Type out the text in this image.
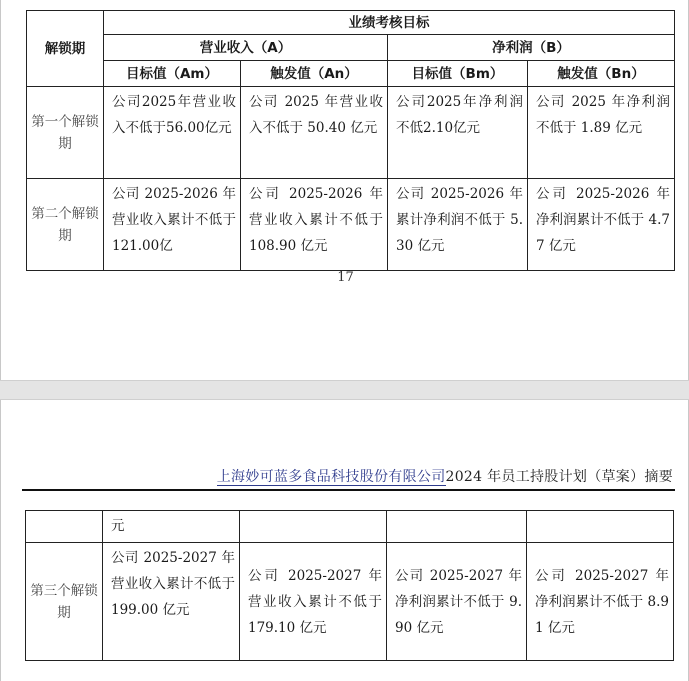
解锁期	业绩考核目标			
	营业收入（A）		净利润（B）	
	目标值（Am）	触发值（An）	目标值（Bm）	触发值（Bn）
第一个解锁期	公司2025年营业收入不低于56.00亿元	公司 2025 年营业收入不低于 50.40 亿元	公司2025年净利润不低2.10亿元	公司 2025 年净利润不低于 1.89 亿元
第二个解锁期	公司 2025-2026 年营业收入累计不低于121.00亿	公司 2025-2026 年营业收入累计不低于 108.90 亿元	公司 2025-2026 年累计净利润不低于 5.30 亿元	公司 2025-2026 年净利润累计不低于 4.77 亿元
17
上海妙可蓝多食品科技股份有限公司2024 年员工持股计划（草案）摘要
	元			
第三个解锁期	公司 2025-2027 年营业收入累计不低于 199.00 亿元	公司 2025-2027 年营业收入累计不低于 179.10 亿元	公司 2025-2027 年净利润累计不低于 9.90 亿元	公司 2025-2027 年净利润累计不低于 8.91 亿元
